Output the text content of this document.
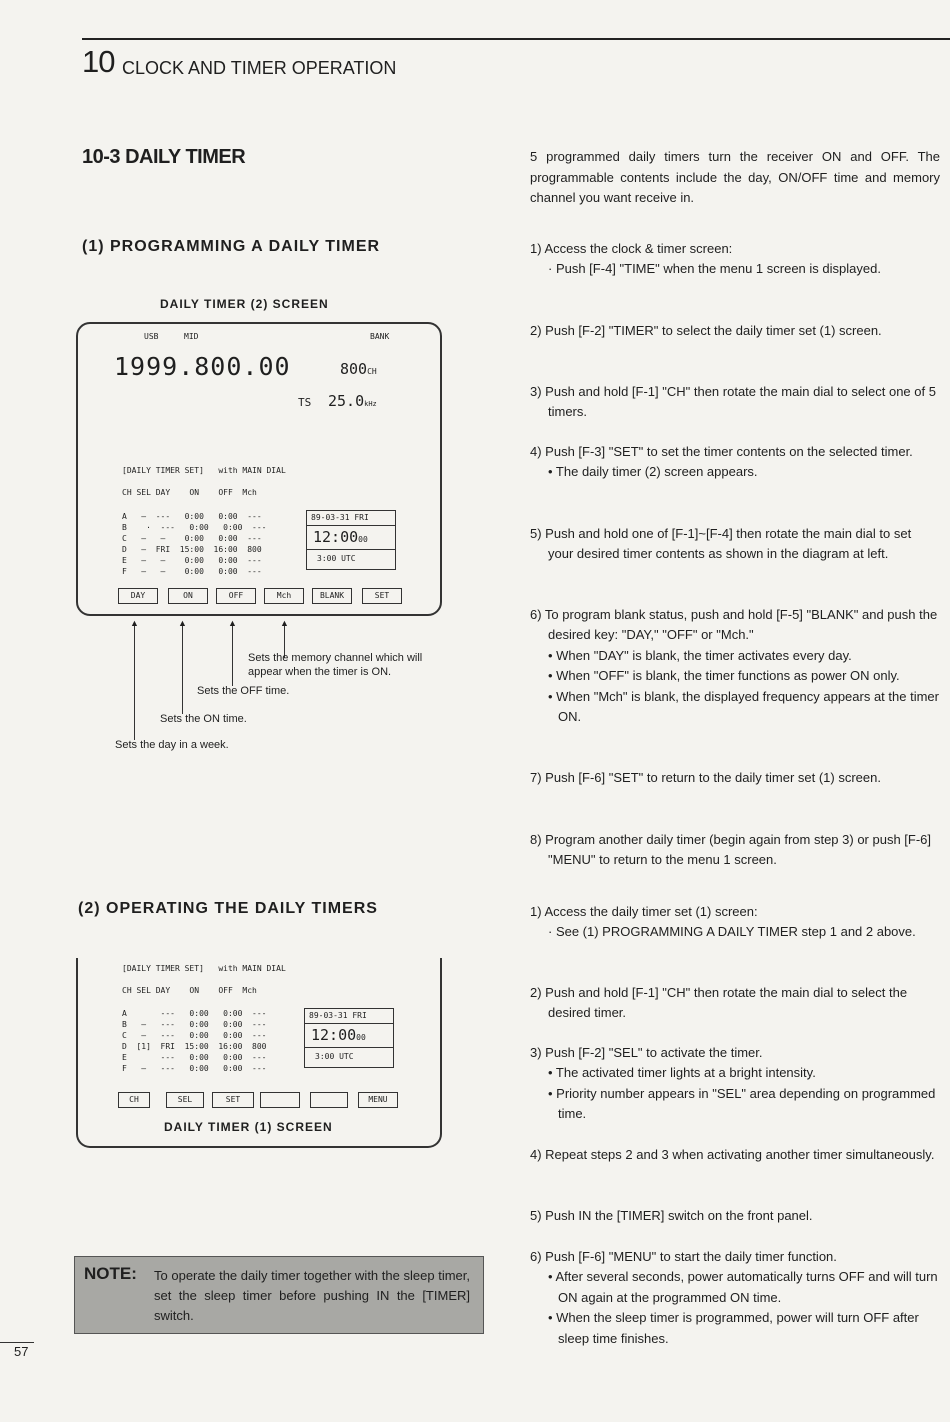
10 CLOCK AND TIMER OPERATION
10-3 DAILY TIMER
(1) PROGRAMMING A DAILY TIMER
DAILY TIMER (2) SCREEN
USB	MID	BANK
1999.800.00	800CH
TS 25.0kHz
[DAILY TIMER SET]   with MAIN DIAL
CH SEL DAY    ON    OFF  Mch
A   —  ---   0:00   0:00  ---
B    ·  ---   0:00   0:00  ---
C   —   —    0:00   0:00  ---
D   —  FRI  15:00  16:00  800
E   —   —    0:00   0:00  ---
F   —   —    0:00   0:00  ---
89-03-31 FRI
12:0000
3:00 UTC
DAY	ON	OFF	Mch	BLANK	SET
▲	▲	▲	▲
Sets the memory channel which will appear when the timer is ON.
Sets the OFF time.
Sets the ON time.
Sets the day in a week.
(2) OPERATING THE DAILY TIMERS
[DAILY TIMER SET]   with MAIN DIAL
CH SEL DAY    ON    OFF  Mch
A       ---   0:00   0:00  ---
B   —   ---   0:00   0:00  ---
C   —   ---   0:00   0:00  ---
D  [1]  FRI  15:00  16:00  800
E       ---   0:00   0:00  ---
F   —   ---   0:00   0:00  ---
89-03-31 FRI
12:0000
3:00 UTC
CH	SEL	SET	MENU
DAILY TIMER (1) SCREEN
NOTE: To operate the daily timer together with the sleep timer, set the sleep timer before pushing IN the [TIMER] switch.
57
5 programmed daily timers turn the receiver ON and OFF. The programmable contents include the day, ON/OFF time and memory channel you want receive in.
1) Access the clock & timer screen:
· Push [F-4] "TIME" when the menu 1 screen is displayed.
2) Push [F-2] "TIMER" to select the daily timer set (1) screen.
3) Push and hold [F-1] "CH" then rotate the main dial to select one of 5 timers.
4) Push [F-3] "SET" to set the timer contents on the selected timer.
• The daily timer (2) screen appears.
5) Push and hold one of [F-1]~[F-4] then rotate the main dial to set your desired timer contents as shown in the diagram at left.
6) To program blank status, push and hold [F-5] "BLANK" and push the desired key: "DAY," "OFF" or "Mch."
• When "DAY" is blank, the timer activates every day.
• When "OFF" is blank, the timer functions as power ON only.
• When "Mch" is blank, the displayed frequency appears at the timer ON.
7) Push [F-6] "SET" to return to the daily timer set (1) screen.
8) Program another daily timer (begin again from step 3) or push [F-6] "MENU" to return to the menu 1 screen.
1) Access the daily timer set (1) screen:
· See (1) PROGRAMMING A DAILY TIMER step 1 and 2 above.
2) Push and hold [F-1] "CH" then rotate the main dial to select the desired timer.
3) Push [F-2] "SEL" to activate the timer.
• The activated timer lights at a bright intensity.
• Priority number appears in "SEL" area depending on programmed time.
4) Repeat steps 2 and 3 when activating another timer simultaneously.
5) Push IN the [TIMER] switch on the front panel.
6) Push [F-6] "MENU" to start the daily timer function.
• After several seconds, power automatically turns OFF and will turn ON again at the programmed ON time.
• When the sleep timer is programmed, power will turn OFF after sleep time finishes.
